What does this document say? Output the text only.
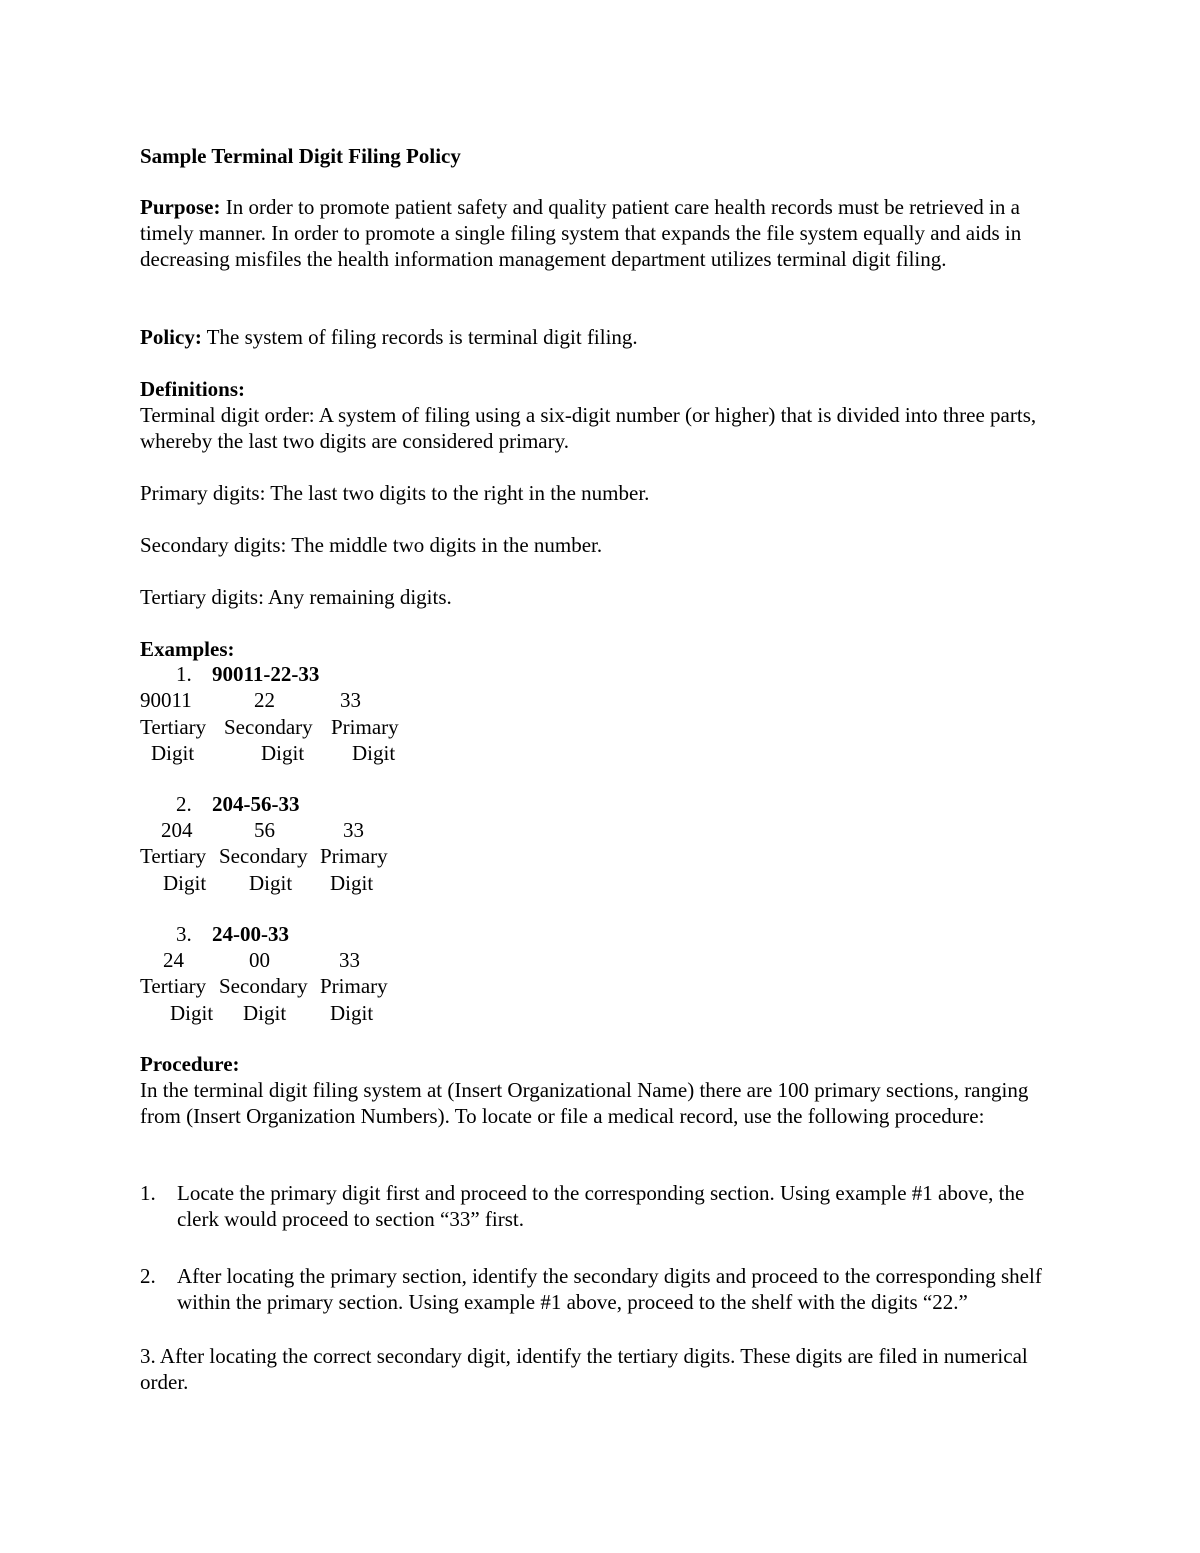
Sample Terminal Digit Filing Policy
Purpose: In order to promote patient safety and quality patient care health records must be retrieved in a timely manner. In order to promote a single filing system that expands the file system equally and aids in decreasing misfiles the health information management department utilizes terminal digit filing.
Policy: The system of filing records is terminal digit filing.
Definitions:
Terminal digit order: A system of filing using a six-digit number (or higher) that is divided into three parts, whereby the last two digits are considered primary.
Primary digits: The last two digits to the right in the number.
Secondary digits: The middle two digits in the number.
Tertiary digits: Any remaining digits.
Examples:
1. 90011-22-33
90011	22	33
Tertiary Secondary Primary
Digit	Digit Digit
2. 204-56-33
204	56	33
Tertiary Secondary Primary
Digit Digit Digit
3. 24-00-33
24	00	33
Tertiary Secondary Primary
Digit Digit Digit
Procedure:
In the terminal digit filing system at (Insert Organizational Name) there are 100 primary sections, ranging from (Insert Organization Numbers). To locate or file a medical record, use the following procedure:
1. Locate the primary digit first and proceed to the corresponding section. Using example #1 above, the clerk would proceed to section “33” first.
2. After locating the primary section, identify the secondary digits and proceed to the corresponding shelf within the primary section. Using example #1 above, proceed to the shelf with the digits “22.”
3. After locating the correct secondary digit, identify the tertiary digits. These digits are filed in numerical order.
